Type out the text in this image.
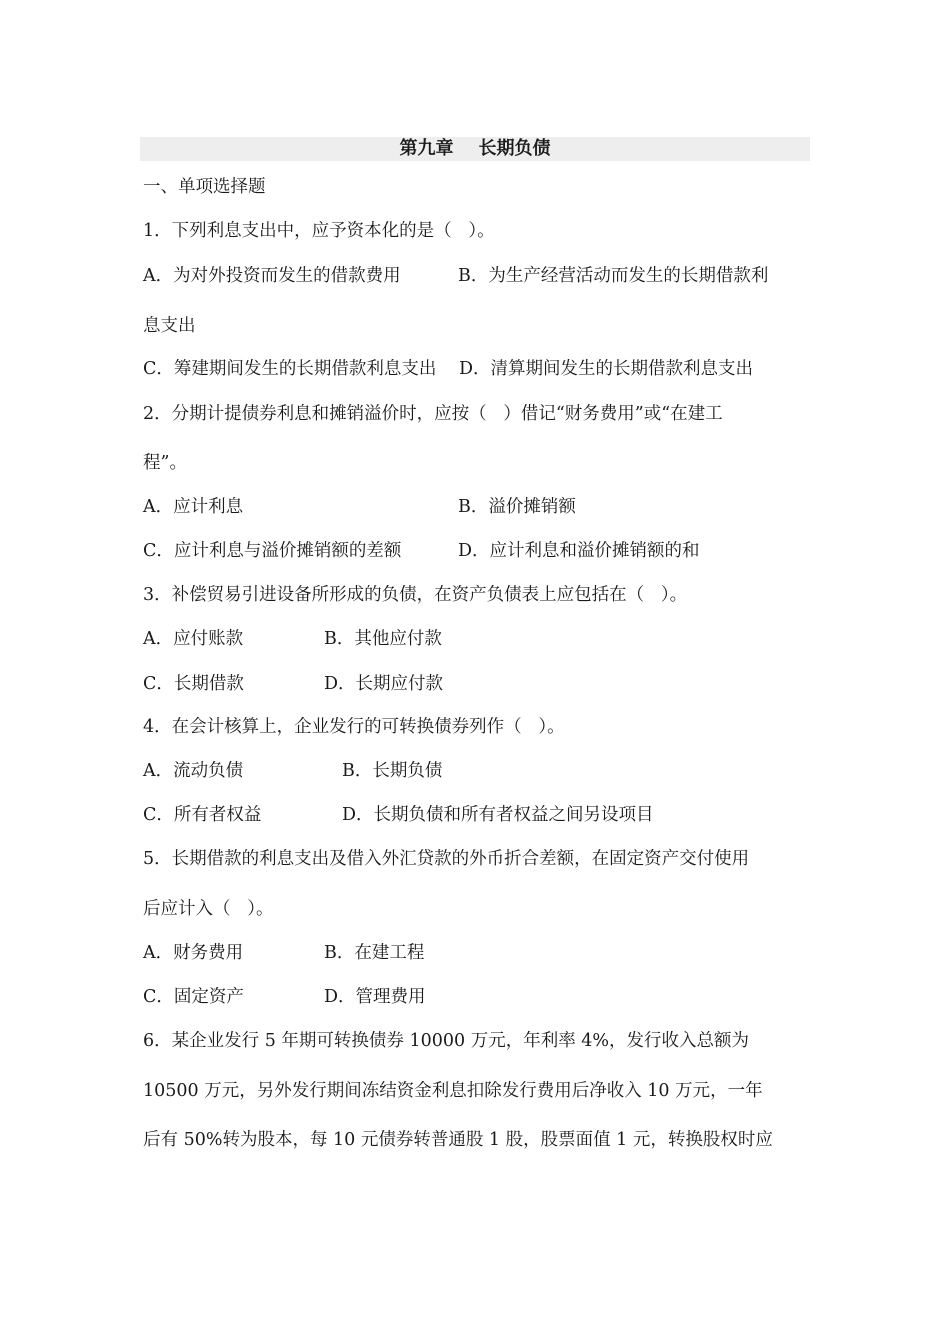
第九章    长期负债
一、单项选择题
1．下列利息支出中，应予资本化的是（   ）。
A．为对外投资而发生的借款费用	B．为生产经营活动而发生的长期借款利
息支出
C．筹建期间发生的长期借款利息支出 D．清算期间发生的长期借款利息支出
2．分期计提债券利息和摊销溢价时，应按（   ）借记“财务费用”或“在建工
程”。
A．应计利息	B．溢价摊销额
C．应计利息与溢价摊销额的差额	D．应计利息和溢价摊销额的和
3．补偿贸易引进设备所形成的负债，在资产负债表上应包括在（   ）。
A．应付账款	B．其他应付款
C．长期借款	D．长期应付款
4．在会计核算上，企业发行的可转换债券列作（   ）。
A．流动负债	B．长期负债
C．所有者权益	D．长期负债和所有者权益之间另设项目
5．长期借款的利息支出及借入外汇贷款的外币折合差额，在固定资产交付使用
后应计入（   ）。
A．财务费用	B．在建工程
C．固定资产	D．管理费用
6．某企业发行 5 年期可转换债券 10000 万元，年利率 4%，发行收入总额为
10500 万元，另外发行期间冻结资金利息扣除发行费用后净收入 10 万元，一年
后有 50%转为股本，每 10 元债券转普通股 1 股，股票面值 1 元，转换股权时应
